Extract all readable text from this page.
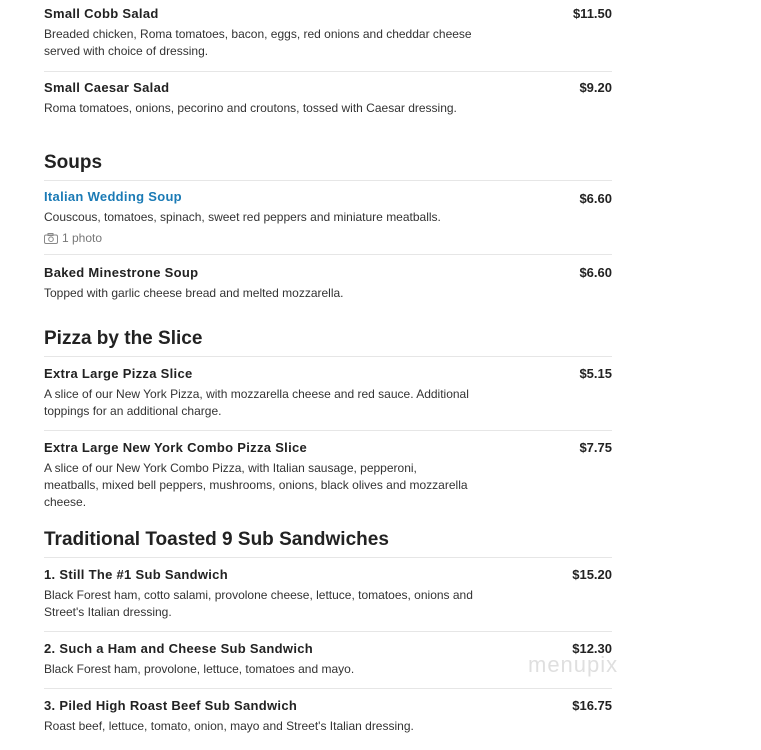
$11.50
Small Cobb Salad
Breaded chicken, Roma tomatoes, bacon, eggs, red onions and cheddar cheese served with choice of dressing.
$9.20
Small Caesar Salad
Roma tomatoes, onions, pecorino and croutons, tossed with Caesar dressing.
Soups
$6.60
Italian Wedding Soup
Couscous, tomatoes, spinach, sweet red peppers and miniature meatballs.
1 photo
$6.60
Baked Minestrone Soup
Topped with garlic cheese bread and melted mozzarella.
Pizza by the Slice
$5.15
Extra Large Pizza Slice
A slice of our New York Pizza, with mozzarella cheese and red sauce. Additional toppings for an additional charge.
$7.75
Extra Large New York Combo Pizza Slice
A slice of our New York Combo Pizza, with Italian sausage, pepperoni, meatballs, mixed bell peppers, mushrooms, onions, black olives and mozzarella cheese.
Traditional Toasted 9 Sub Sandwiches
$15.20
1. Still The #1 Sub Sandwich
Black Forest ham, cotto salami, provolone cheese, lettuce, tomatoes, onions and Street's Italian dressing.
$12.30
2. Such a Ham and Cheese Sub Sandwich
Black Forest ham, provolone, lettuce, tomatoes and mayo.
$16.75
3. Piled High Roast Beef Sub Sandwich
Roast beef, lettuce, tomato, onion, mayo and Street's Italian dressing.
menupix
